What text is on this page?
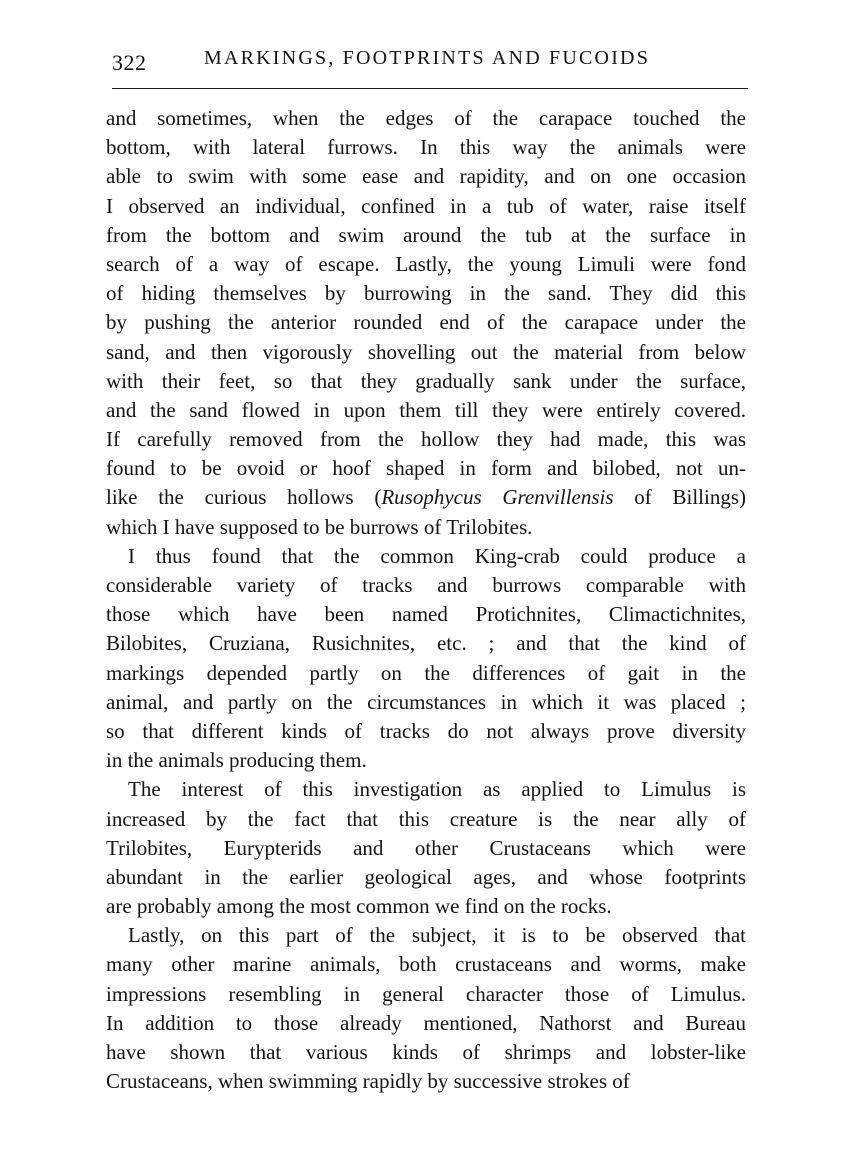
322	MARKINGS, FOOTPRINTS AND FUCOIDS
and sometimes, when the edges of the carapace touched the
bottom, with lateral furrows. In this way the animals were
able to swim with some ease and rapidity, and on one occasion
I observed an individual, confined in a tub of water, raise itself
from the bottom and swim around the tub at the surface in
search of a way of escape. Lastly, the young Limuli were fond
of hiding themselves by burrowing in the sand. They did this
by pushing the anterior rounded end of the carapace under the
sand, and then vigorously shovelling out the material from below
with their feet, so that they gradually sank under the surface,
and the sand flowed in upon them till they were entirely covered.
If carefully removed from the hollow they had made, this was
found to be ovoid or hoof shaped in form and bilobed, not un-
like the curious hollows (Rusophycus Grenvillensis of Billings)
which I have supposed to be burrows of Trilobites.
I thus found that the common King-crab could produce a
considerable variety of tracks and burrows comparable with
those which have been named Protichnites, Climactichnites,
Bilobites, Cruziana, Rusichnites, etc. ; and that the kind of
markings depended partly on the differences of gait in the
animal, and partly on the circumstances in which it was placed ;
so that different kinds of tracks do not always prove diversity
in the animals producing them.
The interest of this investigation as applied to Limulus is
increased by the fact that this creature is the near ally of
Trilobites, Eurypterids and other Crustaceans which were
abundant in the earlier geological ages, and whose footprints
are probably among the most common we find on the rocks.
Lastly, on this part of the subject, it is to be observed that
many other marine animals, both crustaceans and worms, make
impressions resembling in general character those of Limulus.
In addition to those already mentioned, Nathorst and Bureau
have shown that various kinds of shrimps and lobster-like
Crustaceans, when swimming rapidly by successive strokes of
